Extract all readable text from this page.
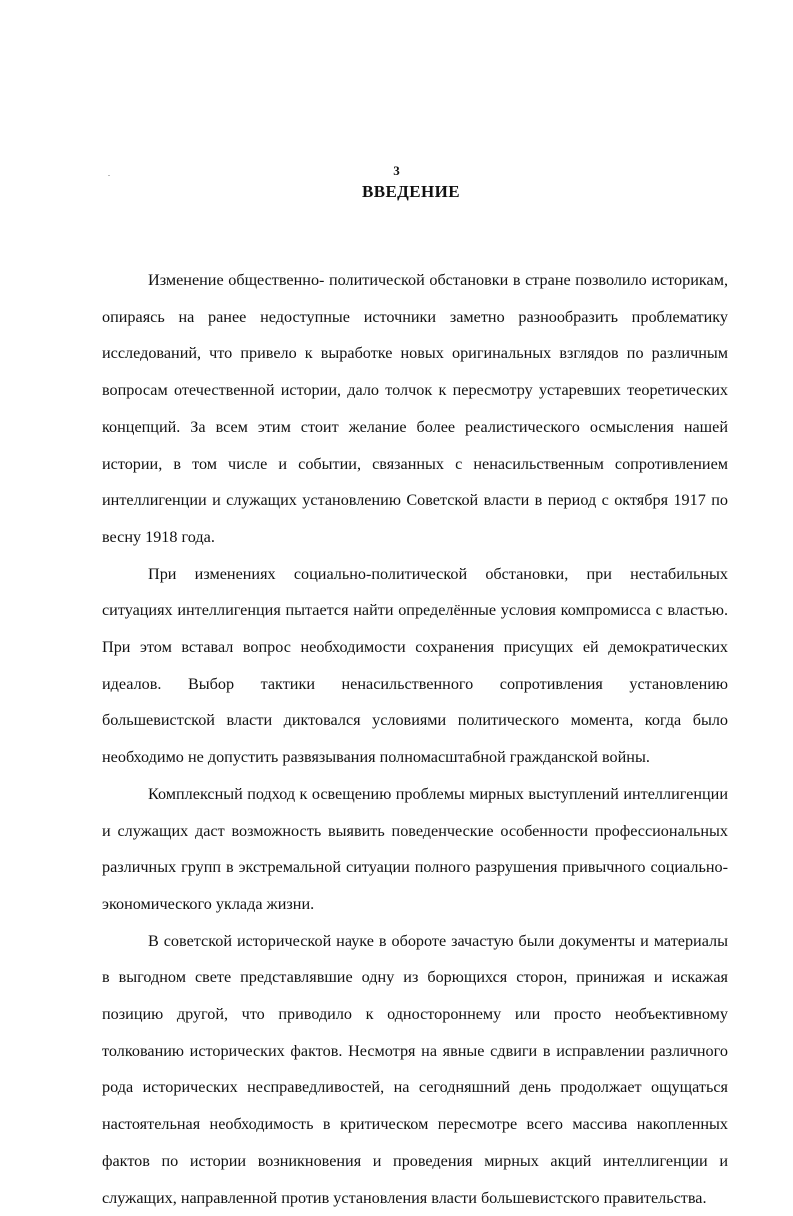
3
ВВЕДЕНИЕ

Изменение общественно- политической обстановки в стране позволило историкам, опираясь на ранее недоступные источники заметно разнообразить проблематику исследований, что привело к выработке новых оригинальных взглядов по различным вопросам отечественной истории, дало толчок к пересмотру устаревших теоретических концепций. За всем этим стоит желание более реалистического осмысления нашей истории, в том числе и событии, связанных с ненасильственным сопротивлением интеллигенции и служащих установлению Советской власти в период с октября 1917 по весну 1918 года.

При изменениях социально-политической обстановки, при нестабильных ситуациях интеллигенция пытается найти определённые условия компромисса с властью. При этом вставал вопрос необходимости сохранения присущих ей демократических идеалов. Выбор тактики ненасильственного сопротивления установлению большевистской власти диктовался условиями политического момента, когда было необходимо не допустить развязывания полномасштабной гражданской войны.

Комплексный подход к освещению проблемы мирных выступлений интеллигенции и служащих даст возможность выявить поведенческие особенности профессиональных различных групп в экстремальной ситуации полного разрушения привычного социально-экономического уклада жизни.

В советской исторической науке в обороте зачастую были документы и материалы в выгодном свете представлявшие одну из борющихся сторон, принижая и искажая позицию другой, что приводило к одностороннему или просто необъективному толкованию исторических фактов. Несмотря на явные сдвиги в исправлении различного рода исторических несправедливостей, на сегодняшний день продолжает ощущаться настоятельная необходимость в критическом пересмотре всего массива накопленных фактов по истории возникновения и проведения мирных акций интеллигенции и служащих, направленной против установления власти большевистского правительства.
